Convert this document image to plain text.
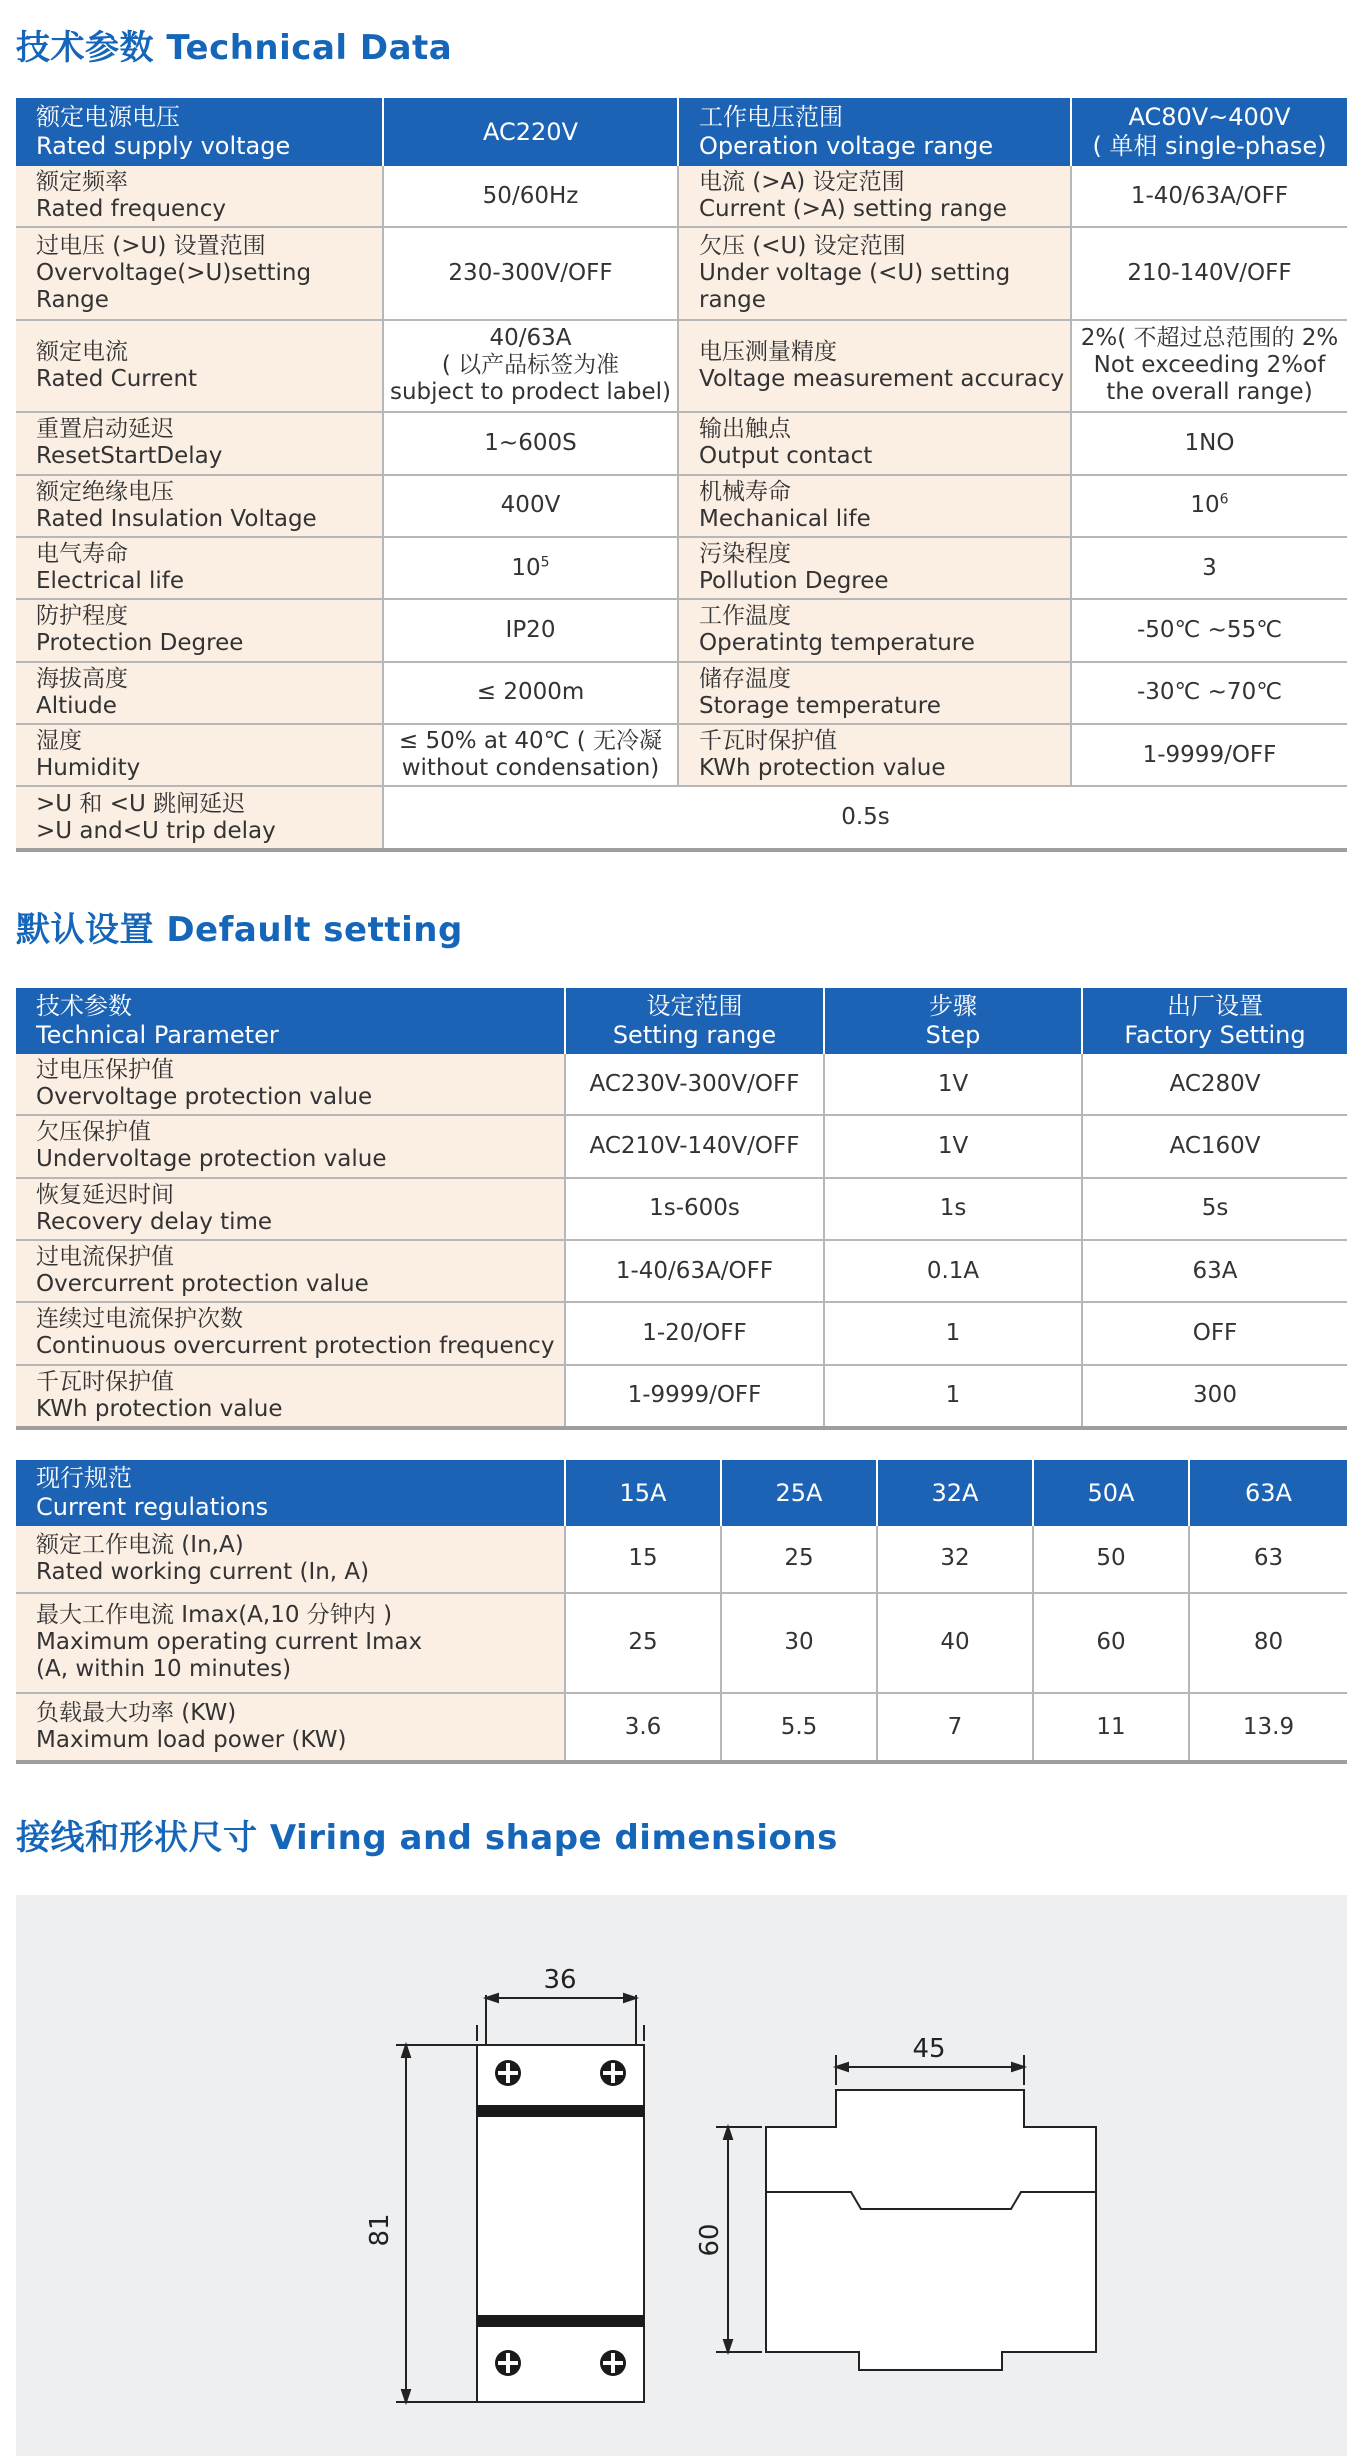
技术参数 Technical Data
额定电源电压
Rated supply voltage	AC220V	工作电压范围
Operation voltage range	AC80V~400V
( 单相 single-phase)
额定频率
Rated frequency	50/60Hz	电流 (>A) 设定范围
Current (>A) setting range	1-40/63A/OFF
过电压 (>U) 设置范围
Overvoltage(>U)setting Range	230-300V/OFF	欠压 (<U) 设定范围
Under voltage (<U) setting range	210-140V/OFF
额定电流
Rated Current	40/63A
( 以产品标签为准
subject to prodect label)	电压测量精度
Voltage measurement accuracy	2%( 不超过总范围的 2%
Not exceeding 2%of
the overall range)
重置启动延迟
ResetStartDelay	1~600S	输出触点
Output contact	1NO
额定绝缘电压
Rated Insulation Voltage	400V	机械寿命
Mechanical life	$10^6$
电气寿命
Electrical life	$10^5$	污染程度
Pollution Degree	3
防护程度
Protection Degree	IP20	工作温度
Operatintg temperature	-50℃ ~55℃
海拔高度
Altiude	≤ 2000m	储存温度
Storage temperature	-30℃ ~70℃
湿度
Humidity	≤ 50% at 40℃ ( 无冷凝
without condensation)	千瓦时保护值
KWh protection value	1-9999/OFF
>U 和 <U 跳闸延迟
>U and<U trip delay	0.5s		
默认设置 Default setting
技术参数
Technical Parameter	设定范围
Setting range	步骤
Step	出厂设置
Factory Setting
过电压保护值
Overvoltage protection value	AC230V-300V/OFF	1V	AC280V
欠压保护值
Undervoltage protection value	AC210V-140V/OFF	1V	AC160V
恢复延迟时间
Recovery delay time	1s-600s	1s	5s
过电流保护值
Overcurrent protection value	1-40/63A/OFF	0.1A	63A
连续过电流保护次数
Continuous overcurrent protection frequency	1-20/OFF	1	OFF
千瓦时保护值
KWh protection value	1-9999/OFF	1	300
现行规范
Current regulations	15A	25A	32A	50A	63A
额定工作电流 (In,A)
Rated working current (In, A)	15	25	32	50	63
最大工作电流 Imax(A,10 分钟内 )
Maximum operating current Imax
(A, within 10 minutes)	25	30	40	60	80
负载最大功率 (KW)
Maximum load power (KW)	3.6	5.5	7	11	13.9
接线和形状尺寸 Viring and shape dimensions
36
81
45
60
